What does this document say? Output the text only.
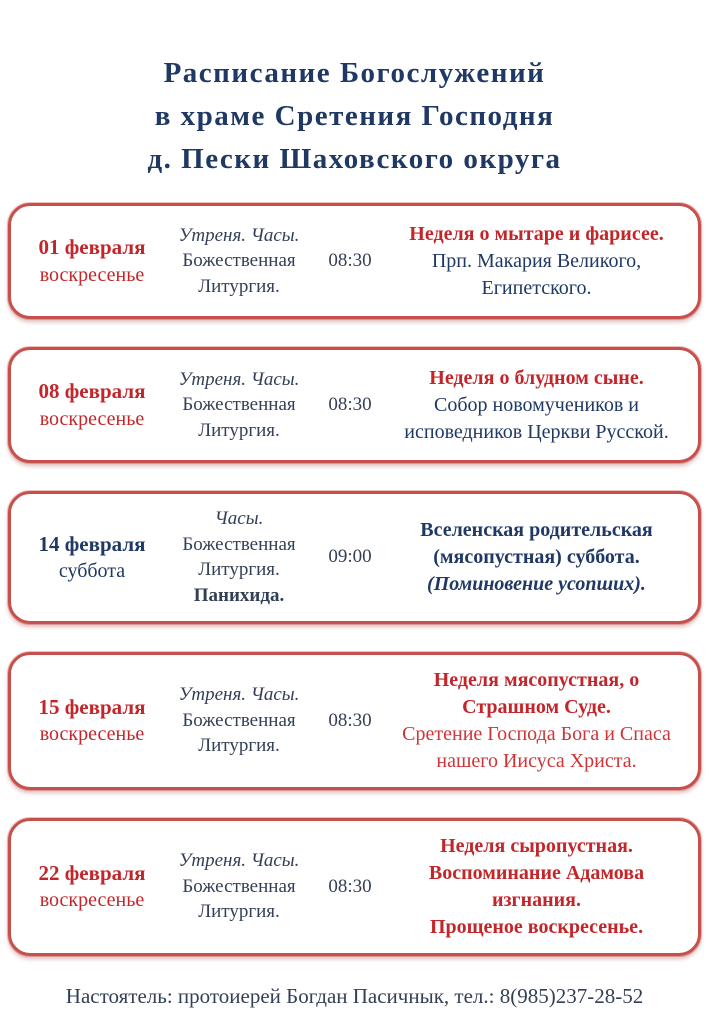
Расписание Богослужений
в храме Сретения Господня
д. Пески Шаховского округа
01 февраля
воскресенье
Утреня. Часы.
Божественная Литургия.
08:30
Неделя о мытаре и фарисее.
Прп. Макария Великого, Египетского.
08 февраля
воскресенье
Утреня. Часы.
Божественная Литургия.
08:30
Неделя о блудном сыне.
Собор новомучеников и исповедников Церкви Русской.
14 февраля
суббота
Часы.
Божественная Литургия.
Панихида.
09:00
Вселенская родительская (мясопустная) суббота.
(Поминовение усопших).
15 февраля
воскресенье
Утреня. Часы.
Божественная Литургия.
08:30
Неделя мясопустная, о Страшном Суде.
Сретение Господа Бога и Спаса нашего Иисуса Христа.
22 февраля
воскресенье
Утреня. Часы.
Божественная Литургия.
08:30
Неделя сыропустная. Воспоминание Адамова изгнания.
Прощеное воскресенье.
Настоятель: протоиерей Богдан Пасичнык, тел.: 8(985)237-28-52
